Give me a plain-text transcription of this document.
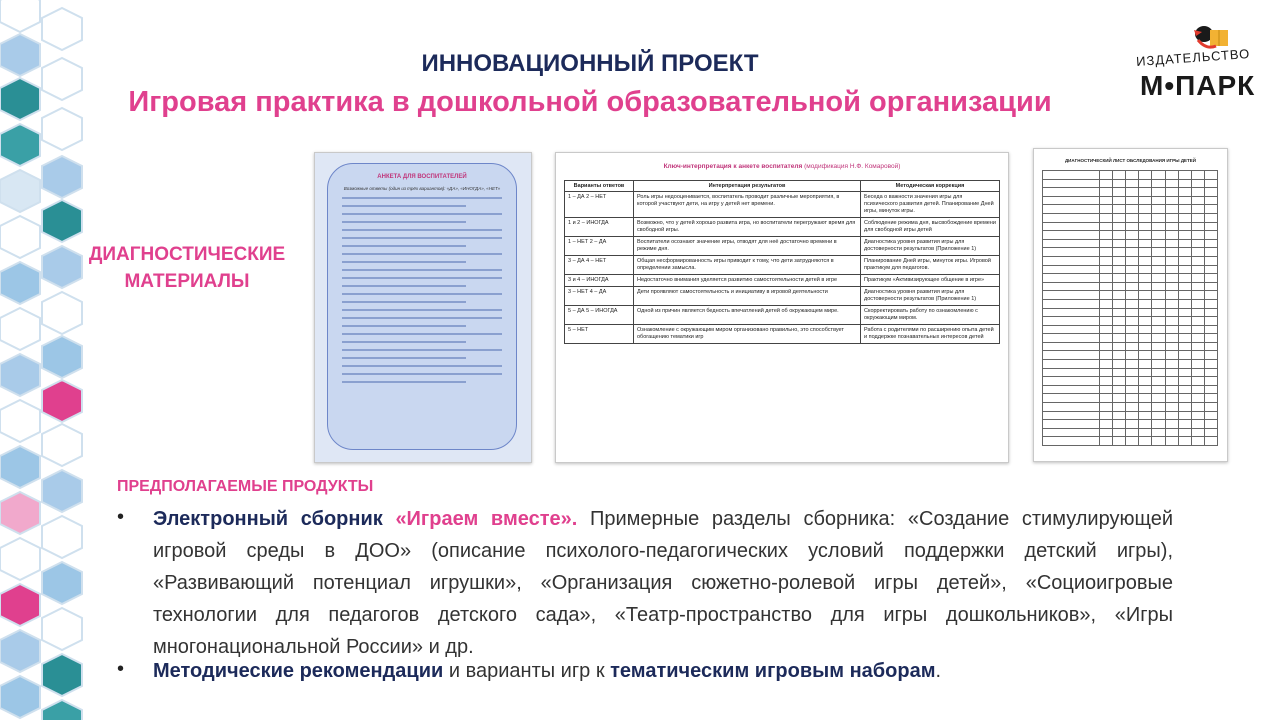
ИННОВАЦИОННЫЙ ПРОЕКТ
Игровая практика в дошкольной образовательной организации
ИЗДАТЕЛЬСТВО
М•ПАРК
ДИАГНОСТИЧЕСКИЕ
МАТЕРИАЛЫ
АНКЕТА ДЛЯ ВОСПИТАТЕЛЕЙ
Возможные ответы (один из трёх вариантов): «ДА», «ИНОГДА», «НЕТ»
Ключ-интерпретация к анкете воспитателя (модификация Н.Ф. Комаровой)
Варианты ответов	Интерпретация результатов	Методическая коррекция
1 – ДА 2 – НЕТ	Роль игры недооценивается, воспитатель проводит различные мероприятия, в которой участвуют дети, на игру у детей нет времени.	Беседа о важности значения игры для психического развития детей. Планирование Дней игры, минуток игры.
1 и 2 – ИНОГДА	Возможно, что у детей хорошо развита игра, но воспитатели перегружают время для свободной игры.	Соблюдение режима дня, высвобождение времени для свободной игры детей
1 – НЕТ 2 – ДА	Воспитатели осознают значение игры, отводят для неё достаточно времени в режиме дня.	Диагностика уровня развития игры для достоверности результатов (Приложение 1)
3 – ДА 4 – НЕТ	Общая несформированность игры приводит к тому, что дети затрудняются в определении замысла.	Планирование Дней игры, минуток игры. Игровой практикум для педагогов.
3 и 4 – ИНОГДА	Недостаточно внимания уделяется развитию самостоятельности детей в игре	Практикум «Активизирующее общение в игре»
3 – НЕТ 4 – ДА	Дети проявляют самостоятельность и инициативу в игровой деятельности	Диагностика уровня развития игры для достоверности результатов (Приложение 1)
5 – ДА 5 – ИНОГДА	Одной из причин является бедность впечатлений детей об окружающем мире.	Скорректировать работу по ознакомлению с окружающим миром.
5 – НЕТ	Ознакомление с окружающим миром организовано правильно, это способствует обогащению тематики игр	Работа с родителями по расширению опыта детей и поддержке познавательных интересов детей
ДИАГНОСТИЧЕСКИЙ ЛИСТ ОБСЛЕДОВАНИЯ ИГРЫ ДЕТЕЙ

ПРЕДПОЛАГАЕМЫЕ ПРОДУКТЫ
• Электронный сборник «Играем вместе». Примерные разделы сборника: «Создание стимулирующей игровой среды в ДОО» (описание психолого-педагогических условий поддержки детский игры), «Развивающий потенциал игрушки», «Организация сюжетно-ролевой игры детей», «Социоигровые технологии для педагогов детского сада», «Театр-пространство для игры дошкольников», «Игры многонациональной России» и др.
• Методические рекомендации и варианты игр к тематическим игровым наборам.
